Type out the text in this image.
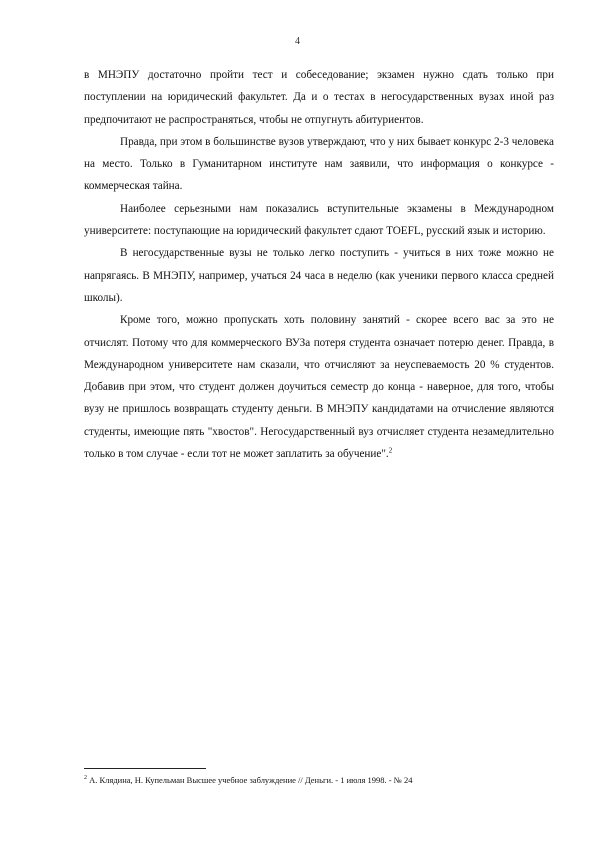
4

в МНЭПУ достаточно пройти тест и собеседование; экзамен нужно сдать только при поступлении на юридический факультет. Да и о тестах в негосударственных вузах иной раз предпочитают не распространяться, чтобы не отпугнуть абитуриентов.

Правда, при этом в большинстве вузов утверждают, что у них бывает конкурс 2-3 человека на место. Только в Гуманитарном институте нам заявили, что информация о конкурсе - коммерческая тайна.

Наиболее серьезными нам показались вступительные экзамены в Международном университете: поступающие на юридический факультет сдают TOEFL, русский язык и историю.

В негосударственные вузы не только легко поступить - учиться в них тоже можно не напрягаясь. В МНЭПУ, например, учаться 24 часа в неделю (как ученики первого класса средней школы).

Кроме того, можно пропускать хоть половину занятий - скорее всего вас за это не отчислят. Потому что для коммерческого ВУЗа потеря студента означает потерю денег. Правда, в Международном университете нам сказали, что отчисляют за неуспеваемость 20 % студентов. Добавив при этом, что студент должен доучиться семестр до конца - наверное, для того, чтобы вузу не пришлось возвращать студенту деньги. В МНЭПУ кандидатами на отчисление являются студенты, имеющие пять "хвостов". Негосударственный вуз отчисляет студента незамедлительно только в том случае - если тот не может заплатить за обучение".$^2$

$^2$ А. Клядина, Н. Купельман Высшее учебное заблуждение // Деньги. - 1 июля 1998. - № 24
